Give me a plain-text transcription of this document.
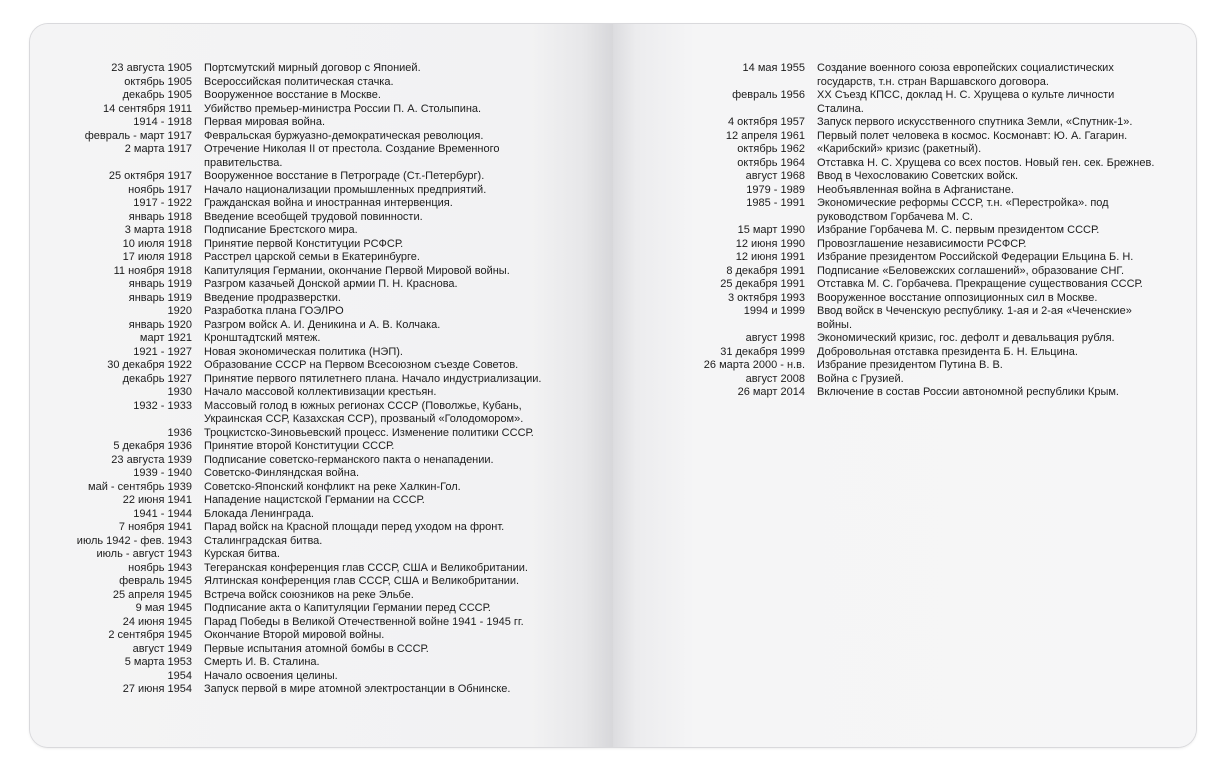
23 августа 1905	Портсмутский мирный договор с Японией.
октябрь 1905	Всероссийская политическая стачка.
декабрь 1905	Вооруженное восстание в Москве.
14 сентября 1911	Убийство премьер-министра России П. А. Столыпина.
1914 - 1918	Первая мировая война.
февраль - март 1917	Февральская буржуазно-демократическая революция.
2 марта 1917	Отречение Николая II от престола. Создание Временного правительства.
25 октября 1917	Вооруженное восстание в Петрограде (Ст.-Петербург).
ноябрь 1917	Начало национализации промышленных предприятий.
1917 - 1922	Гражданская война и иностранная интервенция.
январь 1918	Введение всеобщей трудовой повинности.
3 марта 1918	Подписание Брестского мира.
10 июля 1918	Принятие первой Конституции РСФСР.
17 июля 1918	Расстрел царской семьи в Екатеринбурге.
11 ноября 1918	Капитуляция Германии, окончание Первой Мировой войны.
январь 1919	Разгром казачьей Донской армии П. Н. Краснова.
январь 1919	Введение продразверстки.
1920	Разработка плана ГОЭЛРО
январь 1920	Разгром войск А. И. Деникина и А. В. Колчака.
март 1921	Кронштадтский мятеж.
1921 - 1927	Новая экономическая политика (НЭП).
30 декабря 1922	Образование СССР на Первом Всесоюзном съезде Советов.
декабрь 1927	Принятие первого пятилетнего плана. Начало индустриализации.
1930	Начало массовой коллективизации крестьян.
1932 - 1933	Массовый голод в южных регионах СССР (Поволжье, Кубань, Украинская ССР, Казахская ССР), прозваный «Голодомором».
1936	Троцкистско-Зиновьевский процесс. Изменение политики СССР.
5 декабря 1936	Принятие второй Конституции СССР.
23 августа 1939	Подписание советско-германского пакта о ненападении.
1939 - 1940	Советско-Финляндская война.
май - сентябрь 1939	Советско-Японский конфликт на реке Халкин-Гол.
22 июня 1941	Нападение нацистской Германии на СССР.
1941 - 1944	Блокада Ленинграда.
7 ноября 1941	Парад войск на Красной площади перед уходом на фронт.
июль 1942 - фев. 1943	Сталинградская битва.
июль - август 1943	Курская битва.
ноябрь 1943	Тегеранская конференция глав СССР, США и Великобритании.
февраль 1945	Ялтинская конференция глав СССР, США и Великобритании.
25 апреля 1945	Встреча войск союзников на реке Эльбе.
9 мая 1945	Подписание акта о Капитуляции Германии перед СССР.
24 июня 1945	Парад Победы в Великой Отечественной войне 1941 - 1945 гг.
2 сентября 1945	Окончание Второй мировой войны.
август 1949	Первые испытания атомной бомбы в СССР.
5 марта 1953	Смерть И. В. Сталина.
1954	Начало освоения целины.
27 июня 1954	Запуск первой в мире атомной электростанции в Обнинске.
14 мая 1955	Создание военного союза европейских социалистических государств, т.н. стран Варшавского договора.
февраль 1956	XX Съезд КПСС, доклад Н. С. Хрущева о культе личности Сталина.
4 октября 1957	Запуск первого искусственного спутника Земли, «Спутник-1».
12 апреля 1961	Первый полет человека в космос. Космонавт: Ю. А. Гагарин.
октябрь 1962	«Карибский» кризис (ракетный).
октябрь 1964	Отставка Н. С. Хрущева со всех постов. Новый ген. сек. Брежнев.
август 1968	Ввод в Чехословакию Советских войск.
1979 - 1989	Необъявленная война в Афганистане.
1985 - 1991	Экономические реформы СССР, т.н. «Перестройка». под руководством Горбачева М. С.
15 март 1990	Избрание Горбачева М. С. первым президентом СССР.
12 июня 1990	Провозглашение независимости РСФСР.
12 июня 1991	Избрание президентом Российской Федерации Ельцина Б. Н.
8 декабря 1991	Подписание «Беловежских соглашений», образование СНГ.
25 декабря 1991	Отставка М. С. Горбачева. Прекращение существования СССР.
3 октября 1993	Вооруженное восстание оппозиционных сил в Москве.
1994 и 1999	Ввод войск в Чеченскую республику. 1-ая и 2-ая «Чеченские» войны.
август 1998	Экономический кризис, гос. дефолт и девальвация рубля.
31 декабря 1999	Добровольная отставка президента Б. Н. Ельцина.
26 марта 2000 - н.в.	Избрание президентом Путина В. В.
август 2008	Война с Грузией.
26 март 2014	Включение в состав России автономной республики Крым.
